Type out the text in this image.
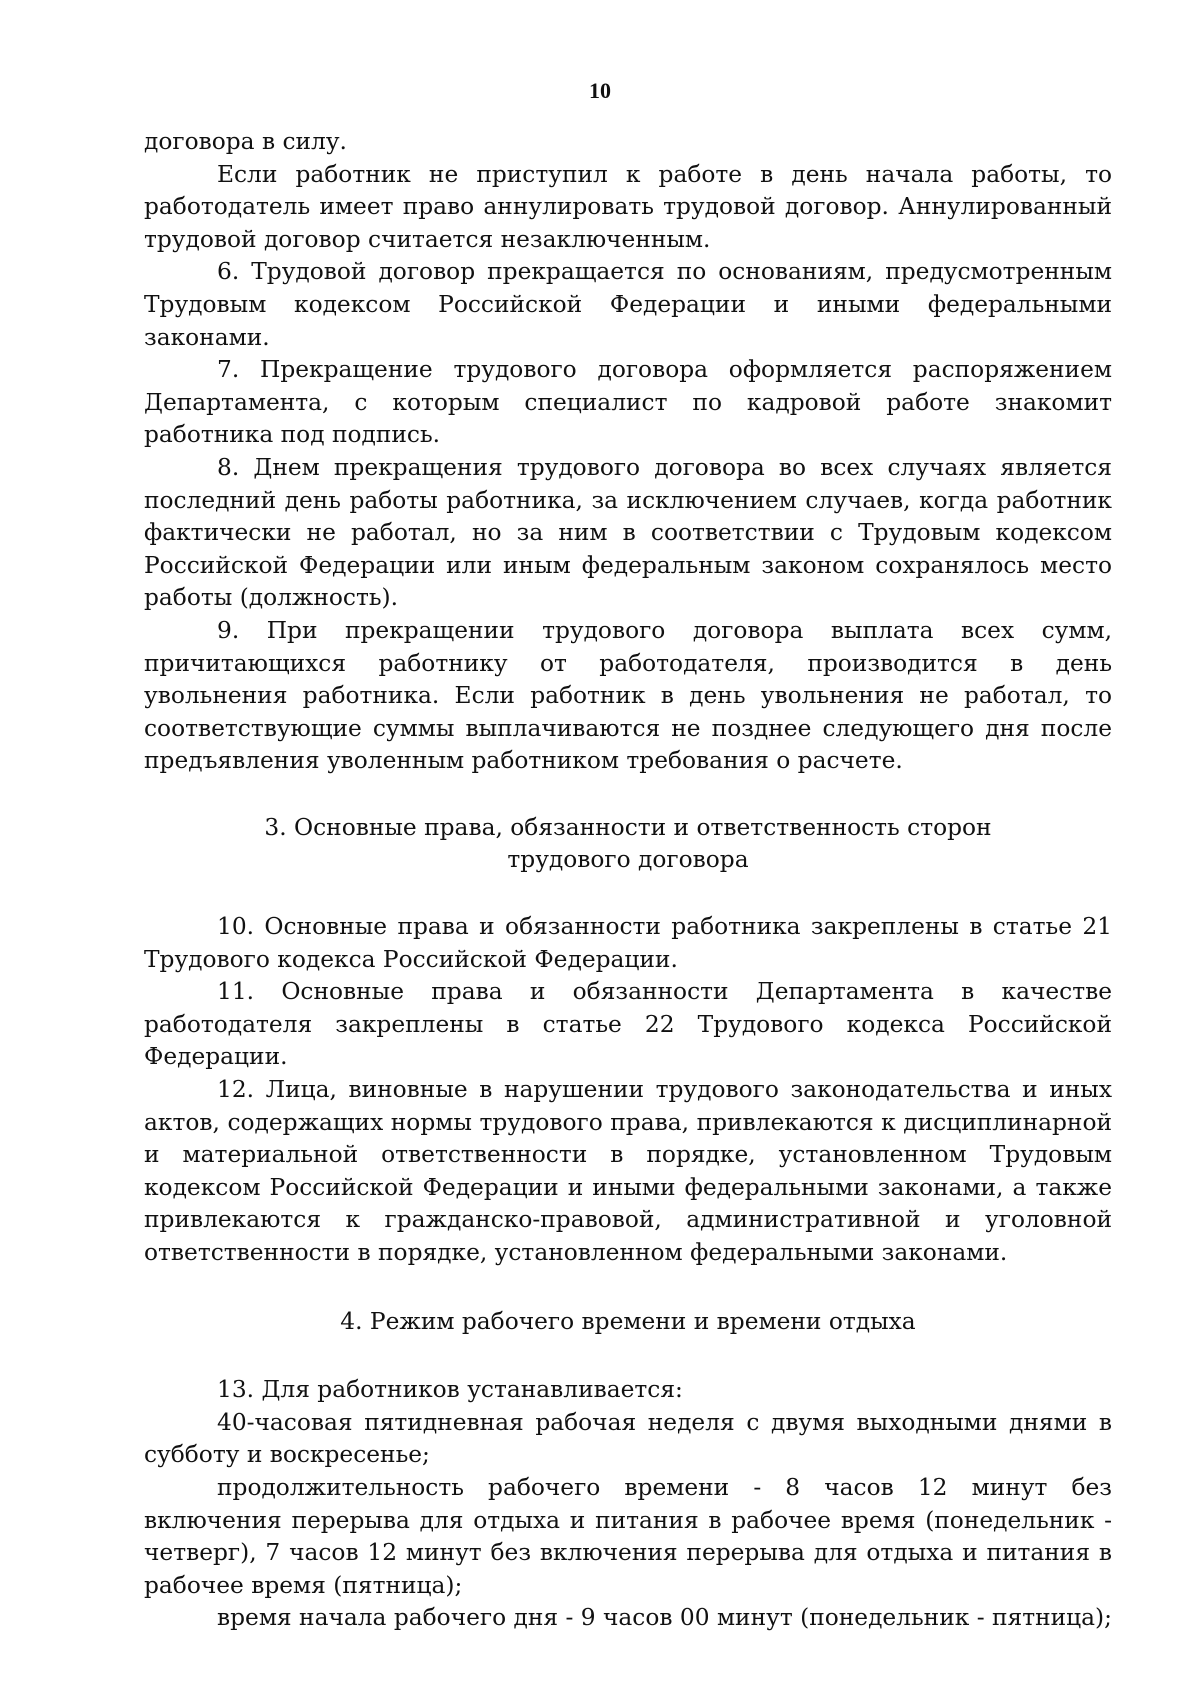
10

договора в силу.

Если работник не приступил к работе в день начала работы, то работодатель имеет право аннулировать трудовой договор. Аннулированный трудовой договор считается незаключенным.

6. Трудовой договор прекращается по основаниям, предусмотренным Трудовым кодексом Российской Федерации и иными федеральными законами.

7. Прекращение трудового договора оформляется распоряжением Департамента, с которым специалист по кадровой работе знакомит работника под подпись.

8. Днем прекращения трудового договора во всех случаях является последний день работы работника, за исключением случаев, когда работник фактически не работал, но за ним в соответствии с Трудовым кодексом Российской Федерации или иным федеральным законом сохранялось место работы (должность).

9. При прекращении трудового договора выплата всех сумм, причитающихся работнику от работодателя, производится в день увольнения работника. Если работник в день увольнения не работал, то соответствующие суммы выплачиваются не позднее следующего дня после предъявления уволенным работником требования о расчете.

3. Основные права, обязанности и ответственность сторон
трудового договора

10. Основные права и обязанности работника закреплены в статье 21 Трудового кодекса Российской Федерации.

11. Основные права и обязанности Департамента в качестве работодателя закреплены в статье 22 Трудового кодекса Российской Федерации.

12. Лица, виновные в нарушении трудового законодательства и иных актов, содержащих нормы трудового права, привлекаются к дисциплинарной и материальной ответственности в порядке, установленном Трудовым кодексом Российской Федерации и иными федеральными законами, а также привлекаются к гражданско-правовой, административной и уголовной ответственности в порядке, установленном федеральными законами.

4. Режим рабочего времени и времени отдыха

13. Для работников устанавливается:

40-часовая пятидневная рабочая неделя с двумя выходными днями в субботу и воскресенье;

продолжительность рабочего времени - 8 часов 12 минут без включения перерыва для отдыха и питания в рабочее время (понедельник - четверг), 7 часов 12 минут без включения перерыва для отдыха и питания в рабочее время (пятница);

время начала рабочего дня - 9 часов 00 минут (понедельник - пятница);
